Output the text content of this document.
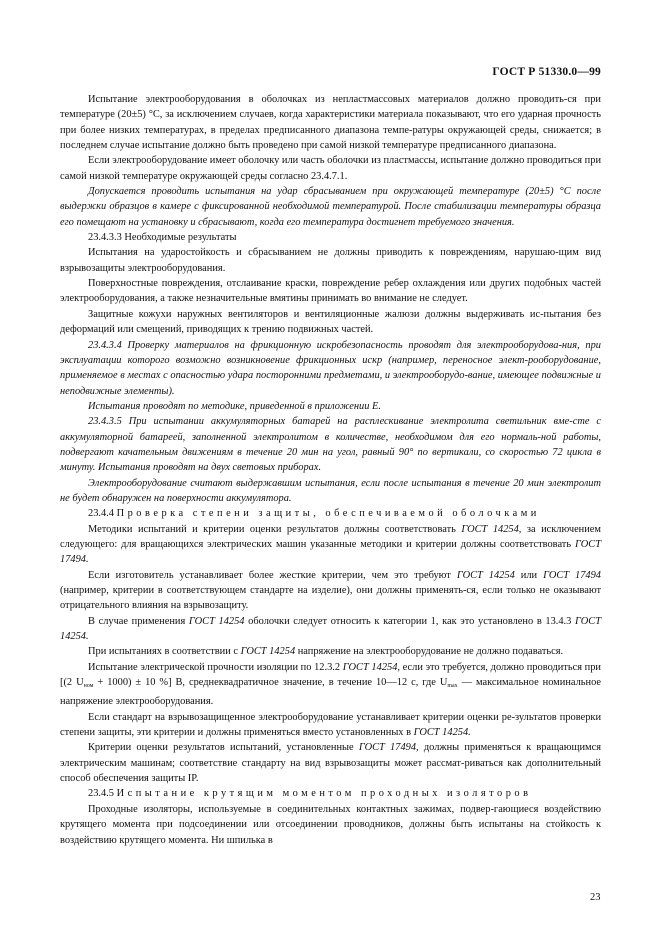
ГОСТ Р 51330.0—99

Испытание электрооборудования в оболочках из непластмассовых материалов должно проводить-ся при температуре (20±5) °С, за исключением случаев, когда характеристики материала показывают, что его ударная прочность при более низких температурах, в пределах предписанного диапазона темпе-ратуры окружающей среды, снижается; в последнем случае испытание должно быть проведено при самой низкой температуре предписанного диапазона.

Если электрооборудование имеет оболочку или часть оболочки из пластмассы, испытание должно проводиться при самой низкой температуре окружающей среды согласно 23.4.7.1.

Допускается проводить испытания на удар сбрасыванием при окружающей температуре (20±5) °С после выдержки образцов в камере с фиксированной необходимой температурой. После стабилизации температуры образца его помещают на установку и сбрасывают, когда его температура достигнет требуемого значения.

23.4.3.3 Необходимые результаты

Испытания на ударостойкость и сбрасыванием не должны приводить к повреждениям, нарушаю-щим вид взрывозащиты электрооборудования.

Поверхностные повреждения, отслаивание краски, повреждение ребер охлаждения или других подобных частей электрооборудования, а также незначительные вмятины принимать во внимание не следует.

Защитные кожухи наружных вентиляторов и вентиляционные жалюзи должны выдерживать ис-пытания без деформаций или смещений, приводящих к трению подвижных частей.

23.4.3.4 Проверку материалов на фрикционную искробезопасность проводят для электрооборудова-ния, при эксплуатации которого возможно возникновение фрикционных искр (например, переносное элект-рооборудование, применяемое в местах с опасностью удара посторонними предметами, и электрооборудо-вание, имеющее подвижные и неподвижные элементы).

Испытания проводят по методике, приведенной в приложении Е.

23.4.3.5 При испытании аккумуляторных батарей на расплескивание электролита светильник вме-сте с аккумуляторной батареей, заполненной электролитом в количестве, необходимом для его нормаль-ной работы, подвергают качательным движениям в течение 20 мин на угол, равный 90° по вертикали, со скоростью 72 цикла в минуту. Испытания проводят на двух световых приборах.

Электрооборудование считают выдержавшим испытания, если после испытания в течение 20 мин электролит не будет обнаружен на поверхности аккумулятора.

23.4.4 Проверка степени защиты, обеспечиваемой оболочками

Методики испытаний и критерии оценки результатов должны соответствовать ГОСТ 14254, за исключением следующего: для вращающихся электрических машин указанные методики и критерии должны соответствовать ГОСТ 17494.

Если изготовитель устанавливает более жесткие критерии, чем это требуют ГОСТ 14254 или ГОСТ 17494 (например, критерии в соответствующем стандарте на изделие), они должны применять-ся, если только не оказывают отрицательного влияния на взрывозащиту.

В случае применения ГОСТ 14254 оболочки следует относить к категории 1, как это установлено в 13.4.3 ГОСТ 14254.

При испытаниях в соответствии с ГОСТ 14254 напряжение на электрооборудование не должно подаваться.

Испытание электрической прочности изоляции по 12.3.2 ГОСТ 14254, если это требуется, должно проводиться при [(2 $U_{ном} + 1000) \pm 10$ %] В, среднеквадратичное значение, в течение 10—12 с, где $U_{max}$ — максимальное номинальное напряжение электрооборудования.

Если стандарт на взрывозащищенное электрооборудование устанавливает критерии оценки ре-зультатов проверки степени защиты, эти критерии и должны применяться вместо установленных в ГОСТ 14254.

Критерии оценки результатов испытаний, установленные ГОСТ 17494, должны применяться к вращающимся электрическим машинам; соответствие стандарту на вид взрывозащиты может рассмат-риваться как дополнительный способ обеспечения защиты IP.

23.4.5 Испытание крутящим моментом проходных изоляторов

Проходные изоляторы, используемые в соединительных контактных зажимах, подвер-гающиеся воздействию крутящего момента при подсоединении или отсоединении проводников, должны быть испытаны на стойкость к воздействию крутящего момента. Ни шпилька в

23
